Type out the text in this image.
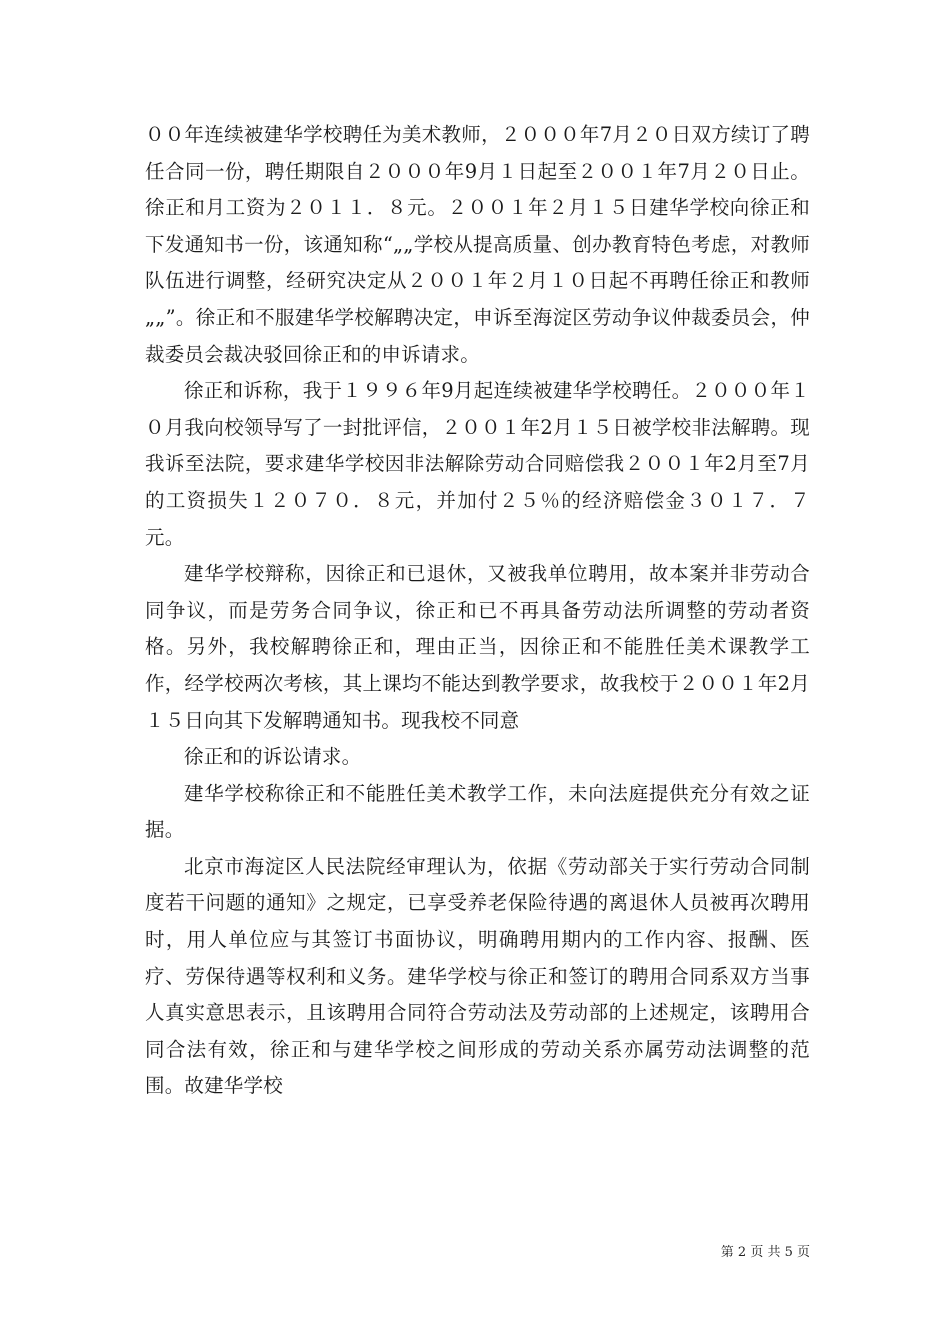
００年连续被建华学校聘任为美术教师，２０００年7月２０日双方续订了聘任合同一份，聘任期限自２０００年9月１日起至２００１年7月２０日止。徐正和月工资为２０１１．８元。２００１年２月１５日建华学校向徐正和下发通知书一份，该通知称“„„学校从提高质量、创办教育特色考虑，对教师队伍进行调整，经研究决定从２００１年２月１０日起不再聘任徐正和教师„„”。徐正和不服建华学校解聘决定，申诉至海淀区劳动争议仲裁委员会，仲裁委员会裁决驳回徐正和的申诉请求。

徐正和诉称，我于１９９６年9月起连续被建华学校聘任。２０００年１０月我向校领导写了一封批评信，２００１年2月１５日被学校非法解聘。现我诉至法院，要求建华学校因非法解除劳动合同赔偿我２００１年2月至7月的工资损失１２０７０．８元，并加付２５％的经济赔偿金３０１７．７元。

建华学校辩称，因徐正和已退休，又被我单位聘用，故本案并非劳动合同争议，而是劳务合同争议，徐正和已不再具备劳动法所调整的劳动者资格。另外，我校解聘徐正和，理由正当，因徐正和不能胜任美术课教学工作，经学校两次考核，其上课均不能达到教学要求，故我校于２００１年2月１５日向其下发解聘通知书。现我校不同意

徐正和的诉讼请求。

建华学校称徐正和不能胜任美术教学工作，未向法庭提供充分有效之证据。

北京市海淀区人民法院经审理认为，依据《劳动部关于实行劳动合同制度若干问题的通知》之规定，已享受养老保险待遇的离退休人员被再次聘用时，用人单位应与其签订书面协议，明确聘用期内的工作内容、报酬、医疗、劳保待遇等权利和义务。建华学校与徐正和签订的聘用合同系双方当事人真实意思表示，且该聘用合同符合劳动法及劳动部的上述规定，该聘用合同合法有效，徐正和与建华学校之间形成的劳动关系亦属劳动法调整的范围。故建华学校

第 2 页 共 5 页
